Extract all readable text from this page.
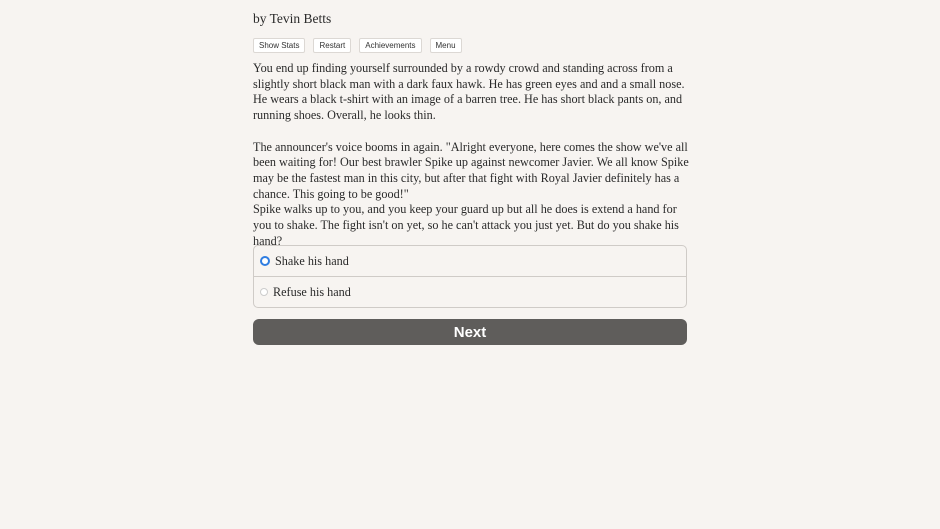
by Tevin Betts
Show Stats	Restart	Achievements	Menu

You end up finding yourself surrounded by a rowdy crowd and standing across from a slightly short black man with a dark faux hawk. He has green eyes and and a small nose. He wears a black t-shirt with an image of a barren tree. He has short black pants on, and running shoes. Overall, he looks thin.

The announcer's voice booms in again. "Alright everyone, here comes the show we've all been waiting for! Our best brawler Spike up against newcomer Javier. We all know Spike may be the fastest man in this city, but after that fight with Royal Javier definitely has a chance. This going to be good!"

Spike walks up to you, and you keep your guard up but all he does is extend a hand for you to shake. The fight isn't on yet, so he can't attack you just yet. But do you shake his hand?

Shake his hand
Refuse his hand
Next
